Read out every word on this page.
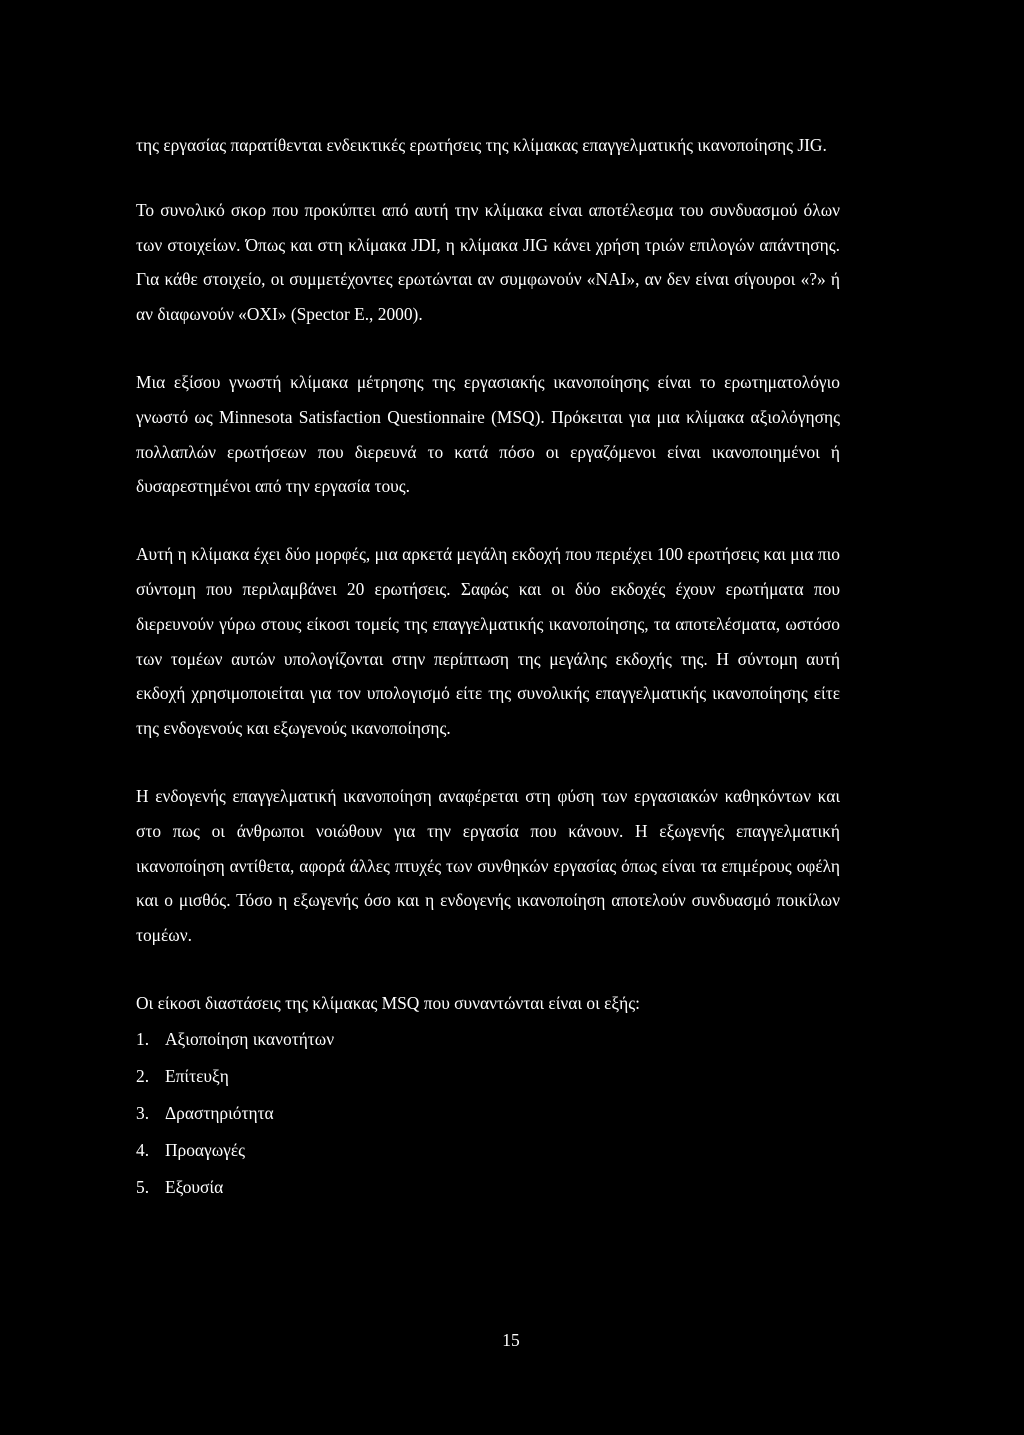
της εργασίας παρατίθενται ενδεικτικές ερωτήσεις της κλίμακας επαγγελματικής ικανοποίησης JIG.

Το συνολικό σκορ που προκύπτει από αυτή την κλίμακα είναι αποτέλεσμα του συνδυασμού όλων των στοιχείων. Όπως και στη κλίμακα JDI, η κλίμακα JIG κάνει χρήση τριών επιλογών απάντησης. Για κάθε στοιχείο, οι συμμετέχοντες ερωτώνται αν συμφωνούν «ΝΑΙ», αν δεν είναι σίγουροι «?» ή αν διαφωνούν «ΟΧΙ» (Spector E., 2000).

Μια εξίσου γνωστή κλίμακα μέτρησης της εργασιακής ικανοποίησης είναι το ερωτηματολόγιο γνωστό ως Minnesota Satisfaction Questionnaire (MSQ). Πρόκειται για μια κλίμακα αξιολόγησης πολλαπλών ερωτήσεων που διερευνά το κατά πόσο οι εργαζόμενοι είναι ικανοποιημένοι ή δυσαρεστημένοι από την εργασία τους.

Αυτή η κλίμακα έχει δύο μορφές, μια αρκετά μεγάλη εκδοχή που περιέχει 100 ερωτήσεις και μια πιο σύντομη που περιλαμβάνει 20 ερωτήσεις. Σαφώς και οι δύο εκδοχές έχουν ερωτήματα που διερευνούν γύρω στους είκοσι τομείς της επαγγελματικής ικανοποίησης, τα αποτελέσματα, ωστόσο των τομέων αυτών υπολογίζονται στην περίπτωση της μεγάλης εκδοχής της. Η σύντομη αυτή εκδοχή χρησιμοποιείται για τον υπολογισμό είτε της συνολικής επαγγελματικής ικανοποίησης είτε της ενδογενούς και εξωγενούς ικανοποίησης.

Η ενδογενής επαγγελματική ικανοποίηση αναφέρεται στη φύση των εργασιακών καθηκόντων και στο πως οι άνθρωποι νοιώθουν για την εργασία που κάνουν. Η εξωγενής επαγγελματική ικανοποίηση αντίθετα, αφορά άλλες πτυχές των συνθηκών εργασίας όπως είναι τα επιμέρους οφέλη και ο μισθός. Τόσο η εξωγενής όσο και η ενδογενής ικανοποίηση αποτελούν συνδυασμό ποικίλων τομέων.

Οι είκοσι διαστάσεις της κλίμακας MSQ που συναντώνται είναι οι εξής:

1. Αξιοποίηση ικανοτήτων
2. Επίτευξη
3. Δραστηριότητα
4. Προαγωγές
5. Εξουσία
15
